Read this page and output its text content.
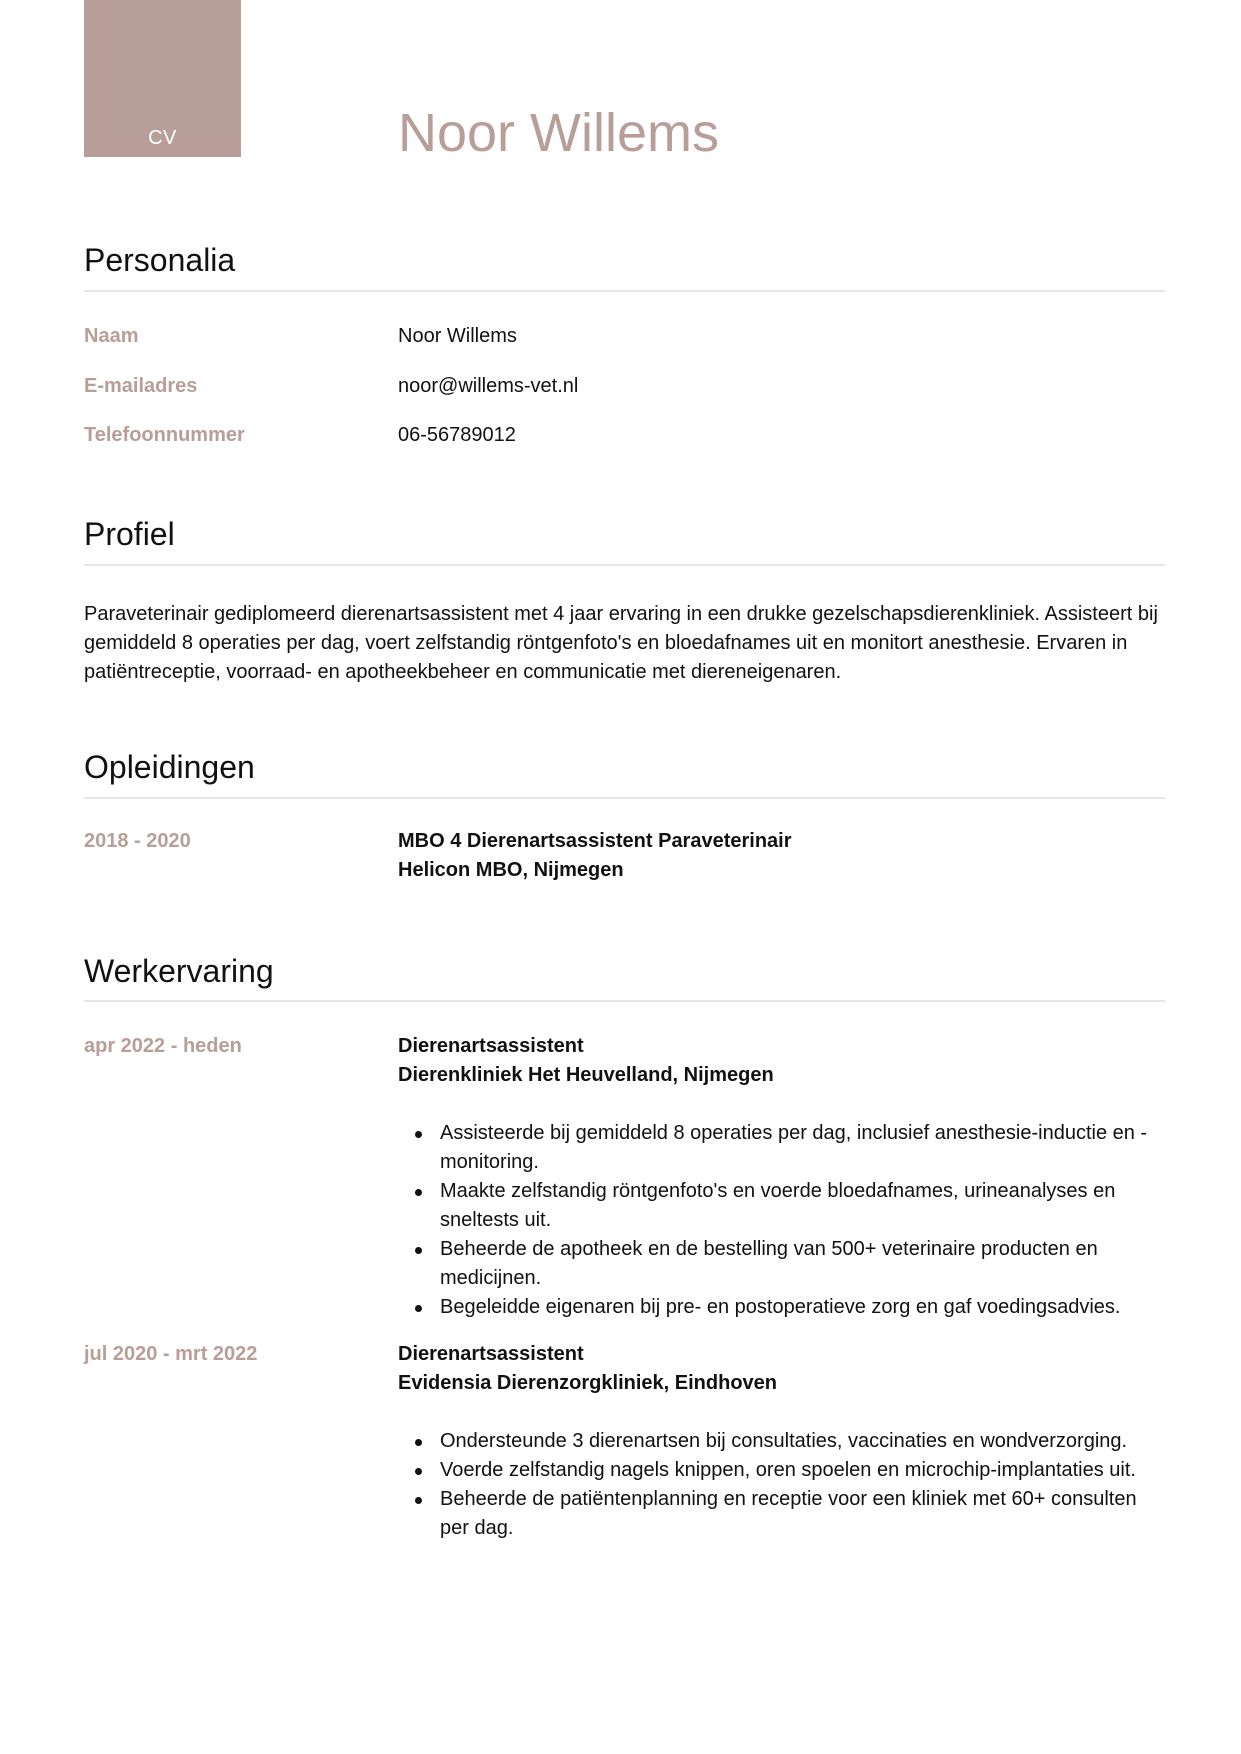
CV	Noor Willems
Personalia
Naam	Noor Willems
E-mailadres	noor@willems-vet.nl
Telefoonnummer	06-56789012
Profiel
Paraveterinair gediplomeerd dierenartsassistent met 4 jaar ervaring in een drukke gezelschapsdierenkliniek. Assisteert bij gemiddeld 8 operaties per dag, voert zelfstandig röntgenfoto's en bloedafnames uit en monitort anesthesie. Ervaren in patiëntreceptie, voorraad- en apotheekbeheer en communicatie met diereneigenaren.
Opleidingen
2018 - 2020	MBO 4 Dierenartsassistent Paraveterinair
Helicon MBO, Nijmegen
Werkervaring
apr 2022 - heden	Dierenartsassistent
Dierenkliniek Het Heuvelland, Nijmegen
Assisteerde bij gemiddeld 8 operaties per dag, inclusief anesthesie-inductie en -monitoring.
Maakte zelfstandig röntgenfoto's en voerde bloedafnames, urineanalyses en sneltests uit.
Beheerde de apotheek en de bestelling van 500+ veterinaire producten en medicijnen.
Begeleidde eigenaren bij pre- en postoperatieve zorg en gaf voedingsadvies.
jul 2020 - mrt 2022	Dierenartsassistent
Evidensia Dierenzorgkliniek, Eindhoven
Ondersteunde 3 dierenartsen bij consultaties, vaccinaties en wondverzorging.
Voerde zelfstandig nagels knippen, oren spoelen en microchip-implantaties uit.
Beheerde de patiëntenplanning en receptie voor een kliniek met 60+ consulten per dag.
